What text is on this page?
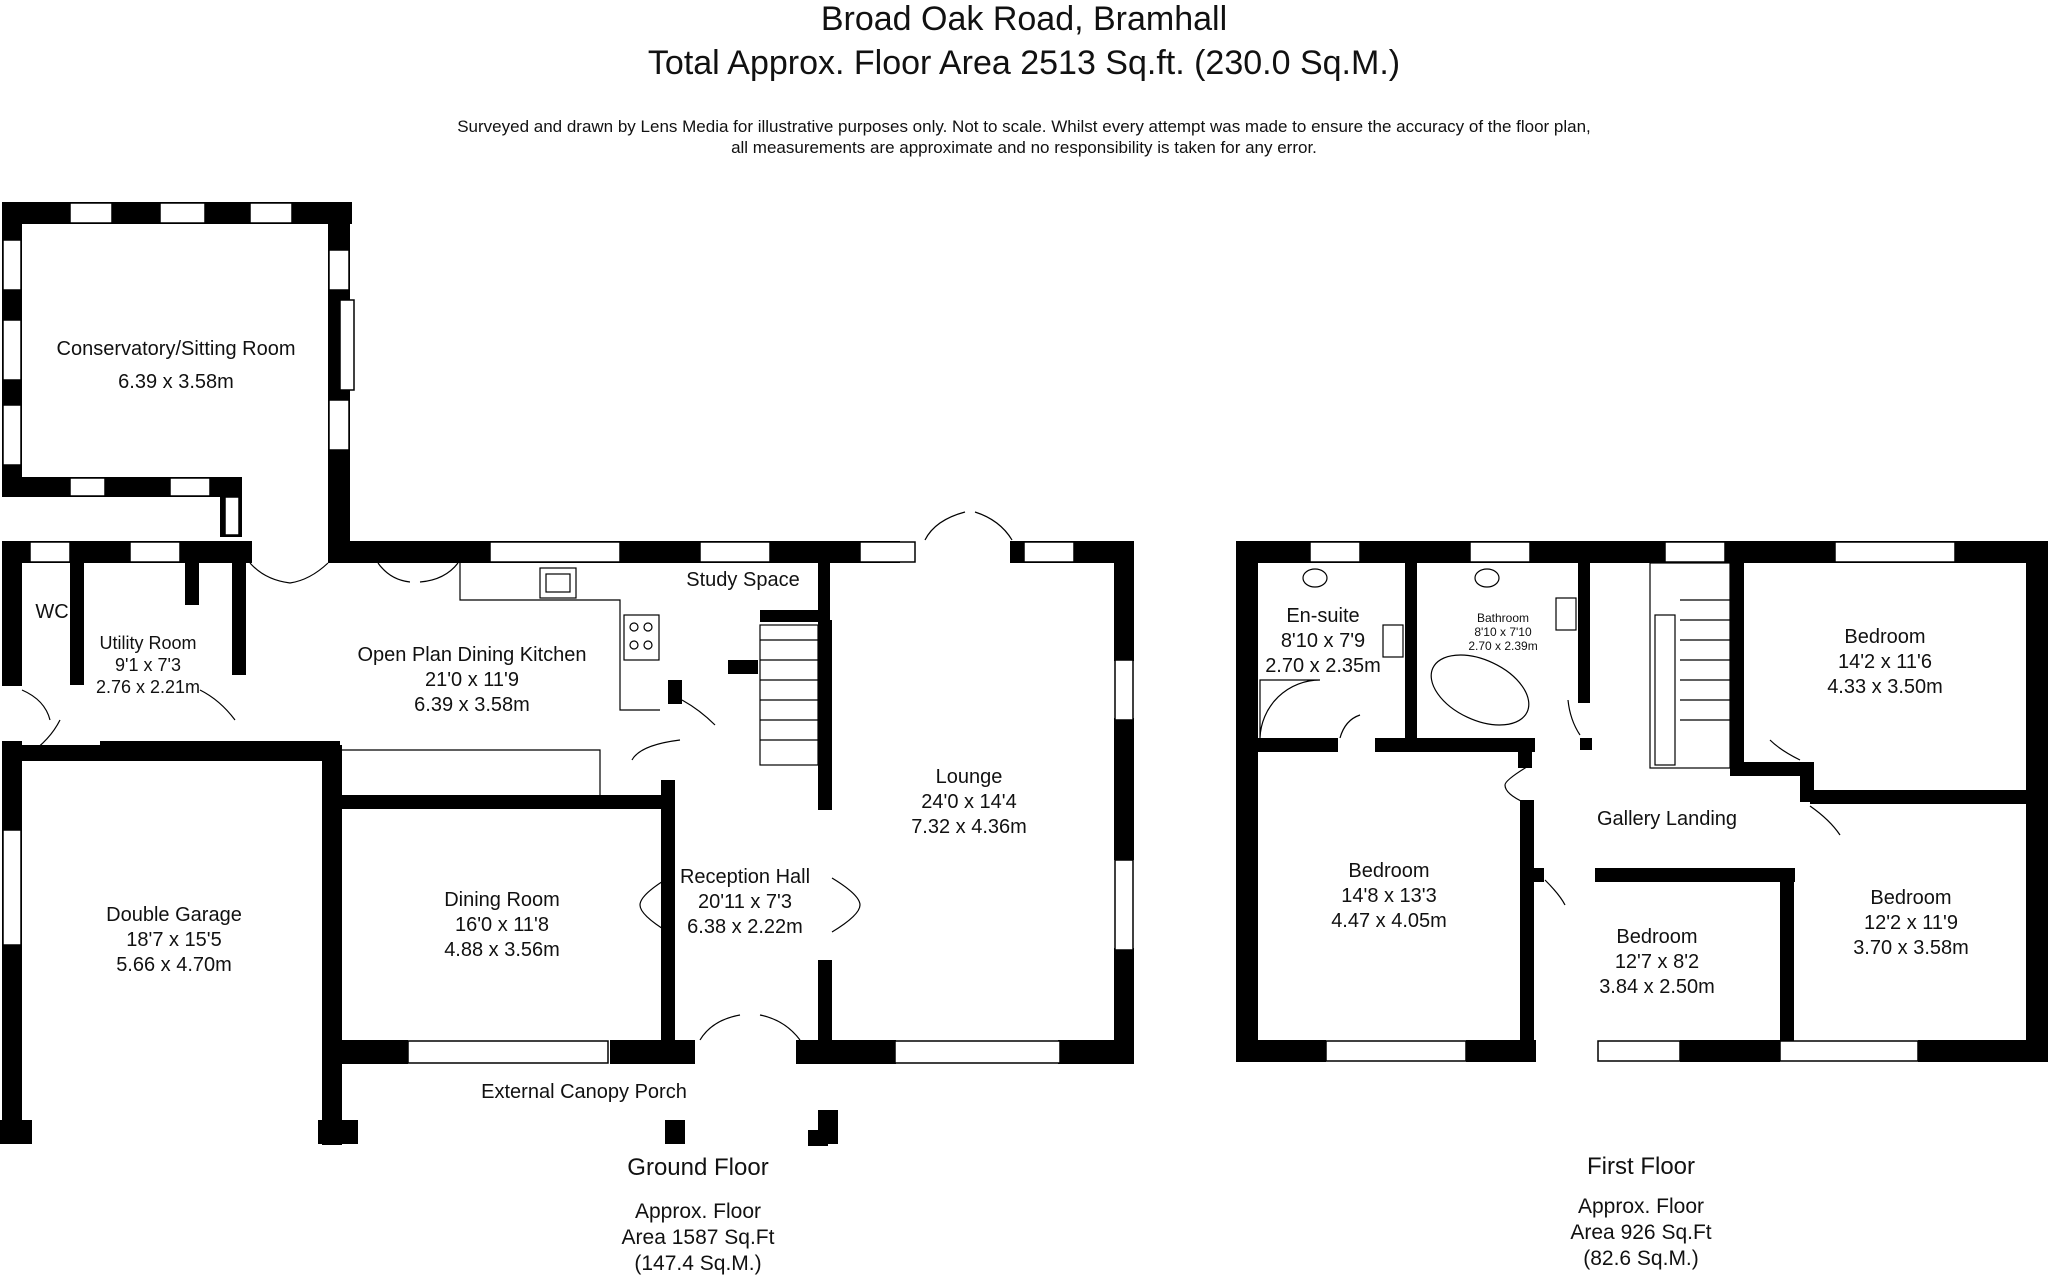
Broad Oak Road, Bramhall
Total Approx. Floor Area 2513 Sq.ft. (230.0 Sq.M.)
Surveyed and drawn by Lens Media for illustrative purposes only. Not to scale. Whilst every attempt was made to ensure the accuracy of the floor plan,
all measurements are approximate and no responsibility is taken for any error.
Conservatory/Sitting Room
6.39 x 3.58m
WC
Utility Room
9'1 x 7'3
2.76 x 2.21m
Open Plan Dining Kitchen
21'0 x 11'9
6.39 x 3.58m
Study Space
Lounge
24'0 x 14'4
7.32 x 4.36m
Double Garage
18'7 x 15'5
5.66 x 4.70m
Dining Room
16'0 x 11'8
4.88 x 3.56m
Reception Hall
20'11 x 7'3
6.38 x 2.22m
External Canopy Porch
Ground Floor
Approx. Floor
Area 1587 Sq.Ft
(147.4 Sq.M.)
En-suite
8'10 x 7'9
2.70 x 2.35m
Bathroom
8'10 x 7'10
2.70 x 2.39m	Bedroom
14'2 x 11'6
4.33 x 3.50m
Gallery Landing
Bedroom
14'8 x 13'3
4.47 x 4.05m
Bedroom
12'7 x 8'2
3.84 x 2.50m
Bedroom
12'2 x 11'9
3.70 x 3.58m
First Floor
Approx. Floor
Area 926 Sq.Ft
(82.6 Sq.M.)
